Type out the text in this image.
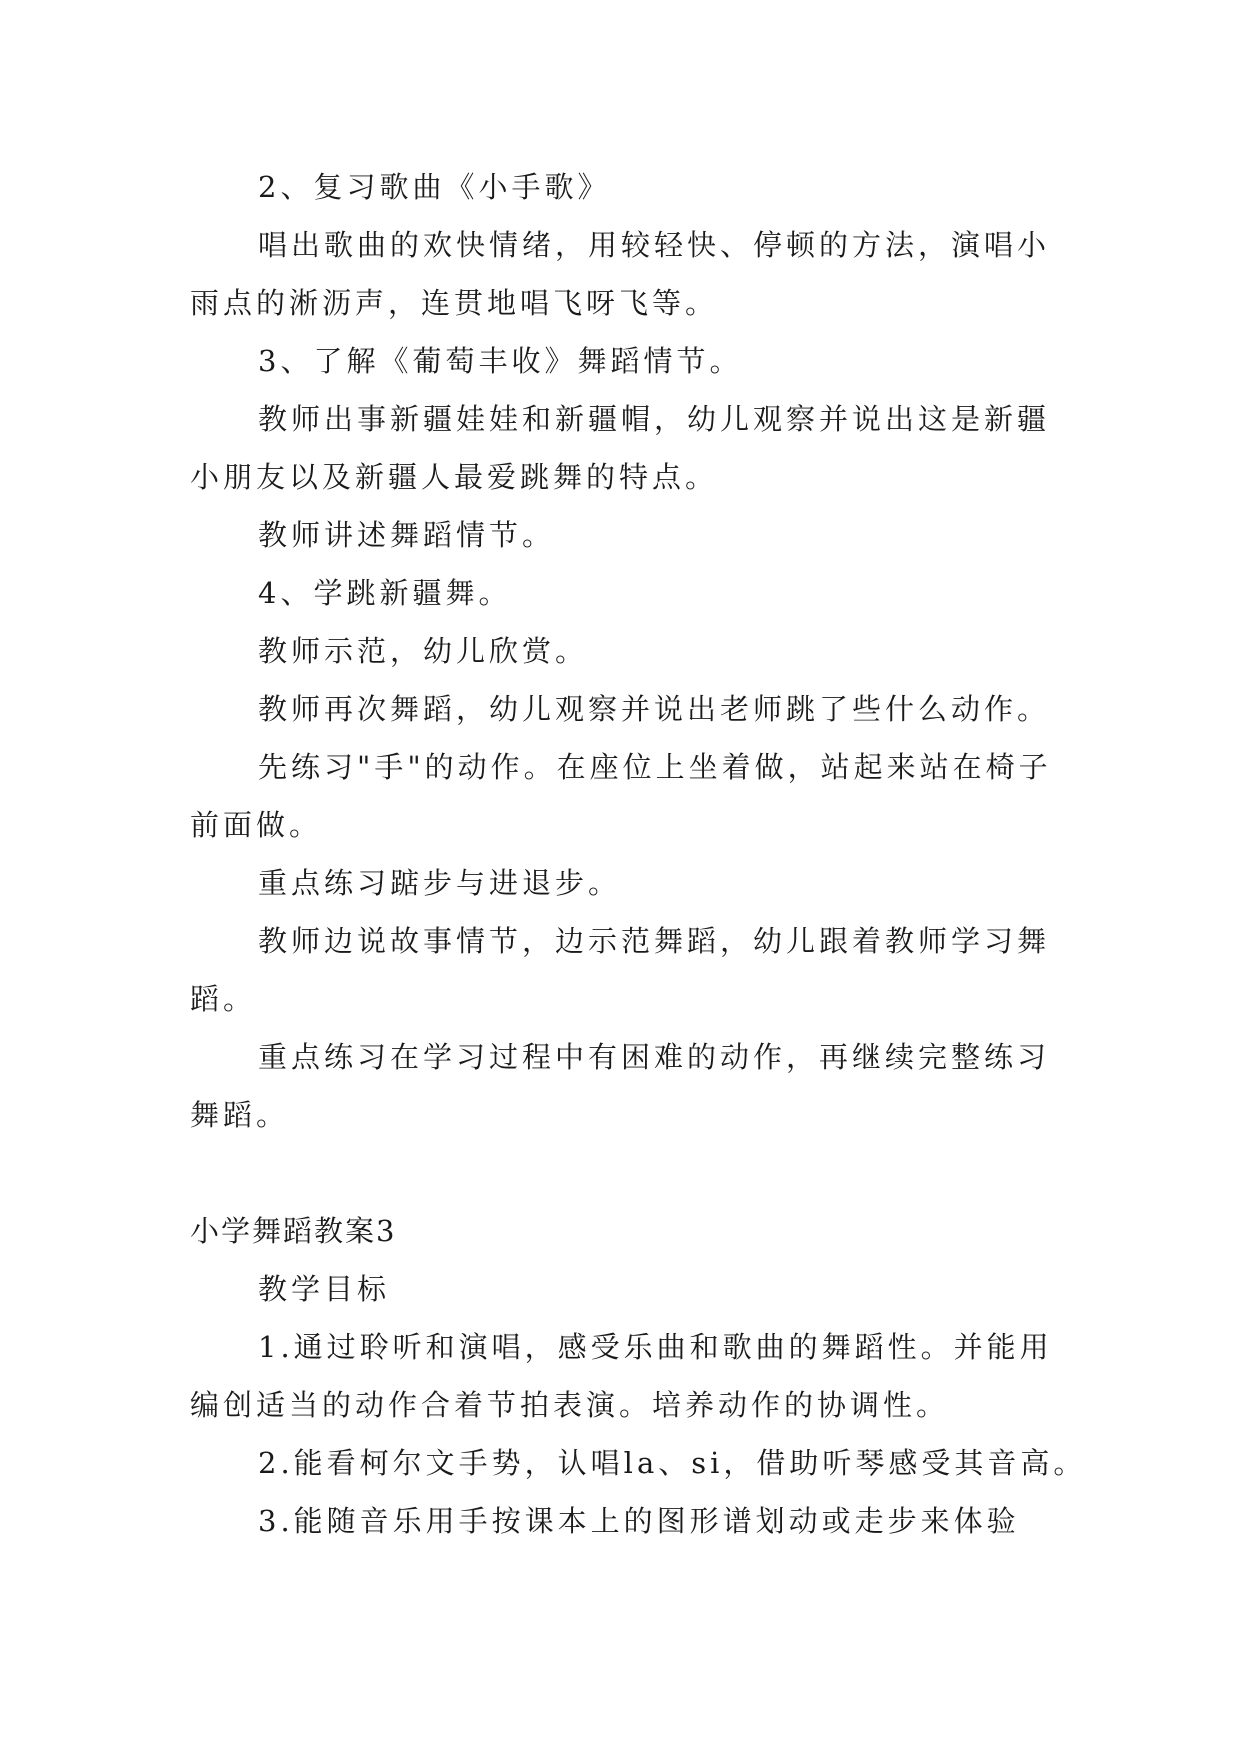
2、复习歌曲《小手歌》

唱出歌曲的欢快情绪，用较轻快、停顿的方法，演唱小雨点的淅沥声，连贯地唱飞呀飞等。

3、了解《葡萄丰收》舞蹈情节。

教师出事新疆娃娃和新疆帽，幼儿观察并说出这是新疆小朋友以及新疆人最爱跳舞的特点。

教师讲述舞蹈情节。

4、学跳新疆舞。

教师示范，幼儿欣赏。

教师再次舞蹈，幼儿观察并说出老师跳了些什么动作。

先练习"手"的动作。在座位上坐着做，站起来站在椅子前面做。

重点练习踮步与进退步。

教师边说故事情节，边示范舞蹈，幼儿跟着教师学习舞蹈。

重点练习在学习过程中有困难的动作，再继续完整练习舞蹈。

小学舞蹈教案3

教学目标

1.通过聆听和演唱，感受乐曲和歌曲的舞蹈性。并能用编创适当的动作合着节拍表演。培养动作的协调性。

2.能看柯尔文手势，认唱la、si，借助听琴感受其音高。

3.能随音乐用手按课本上的图形谱划动或走步来体验
